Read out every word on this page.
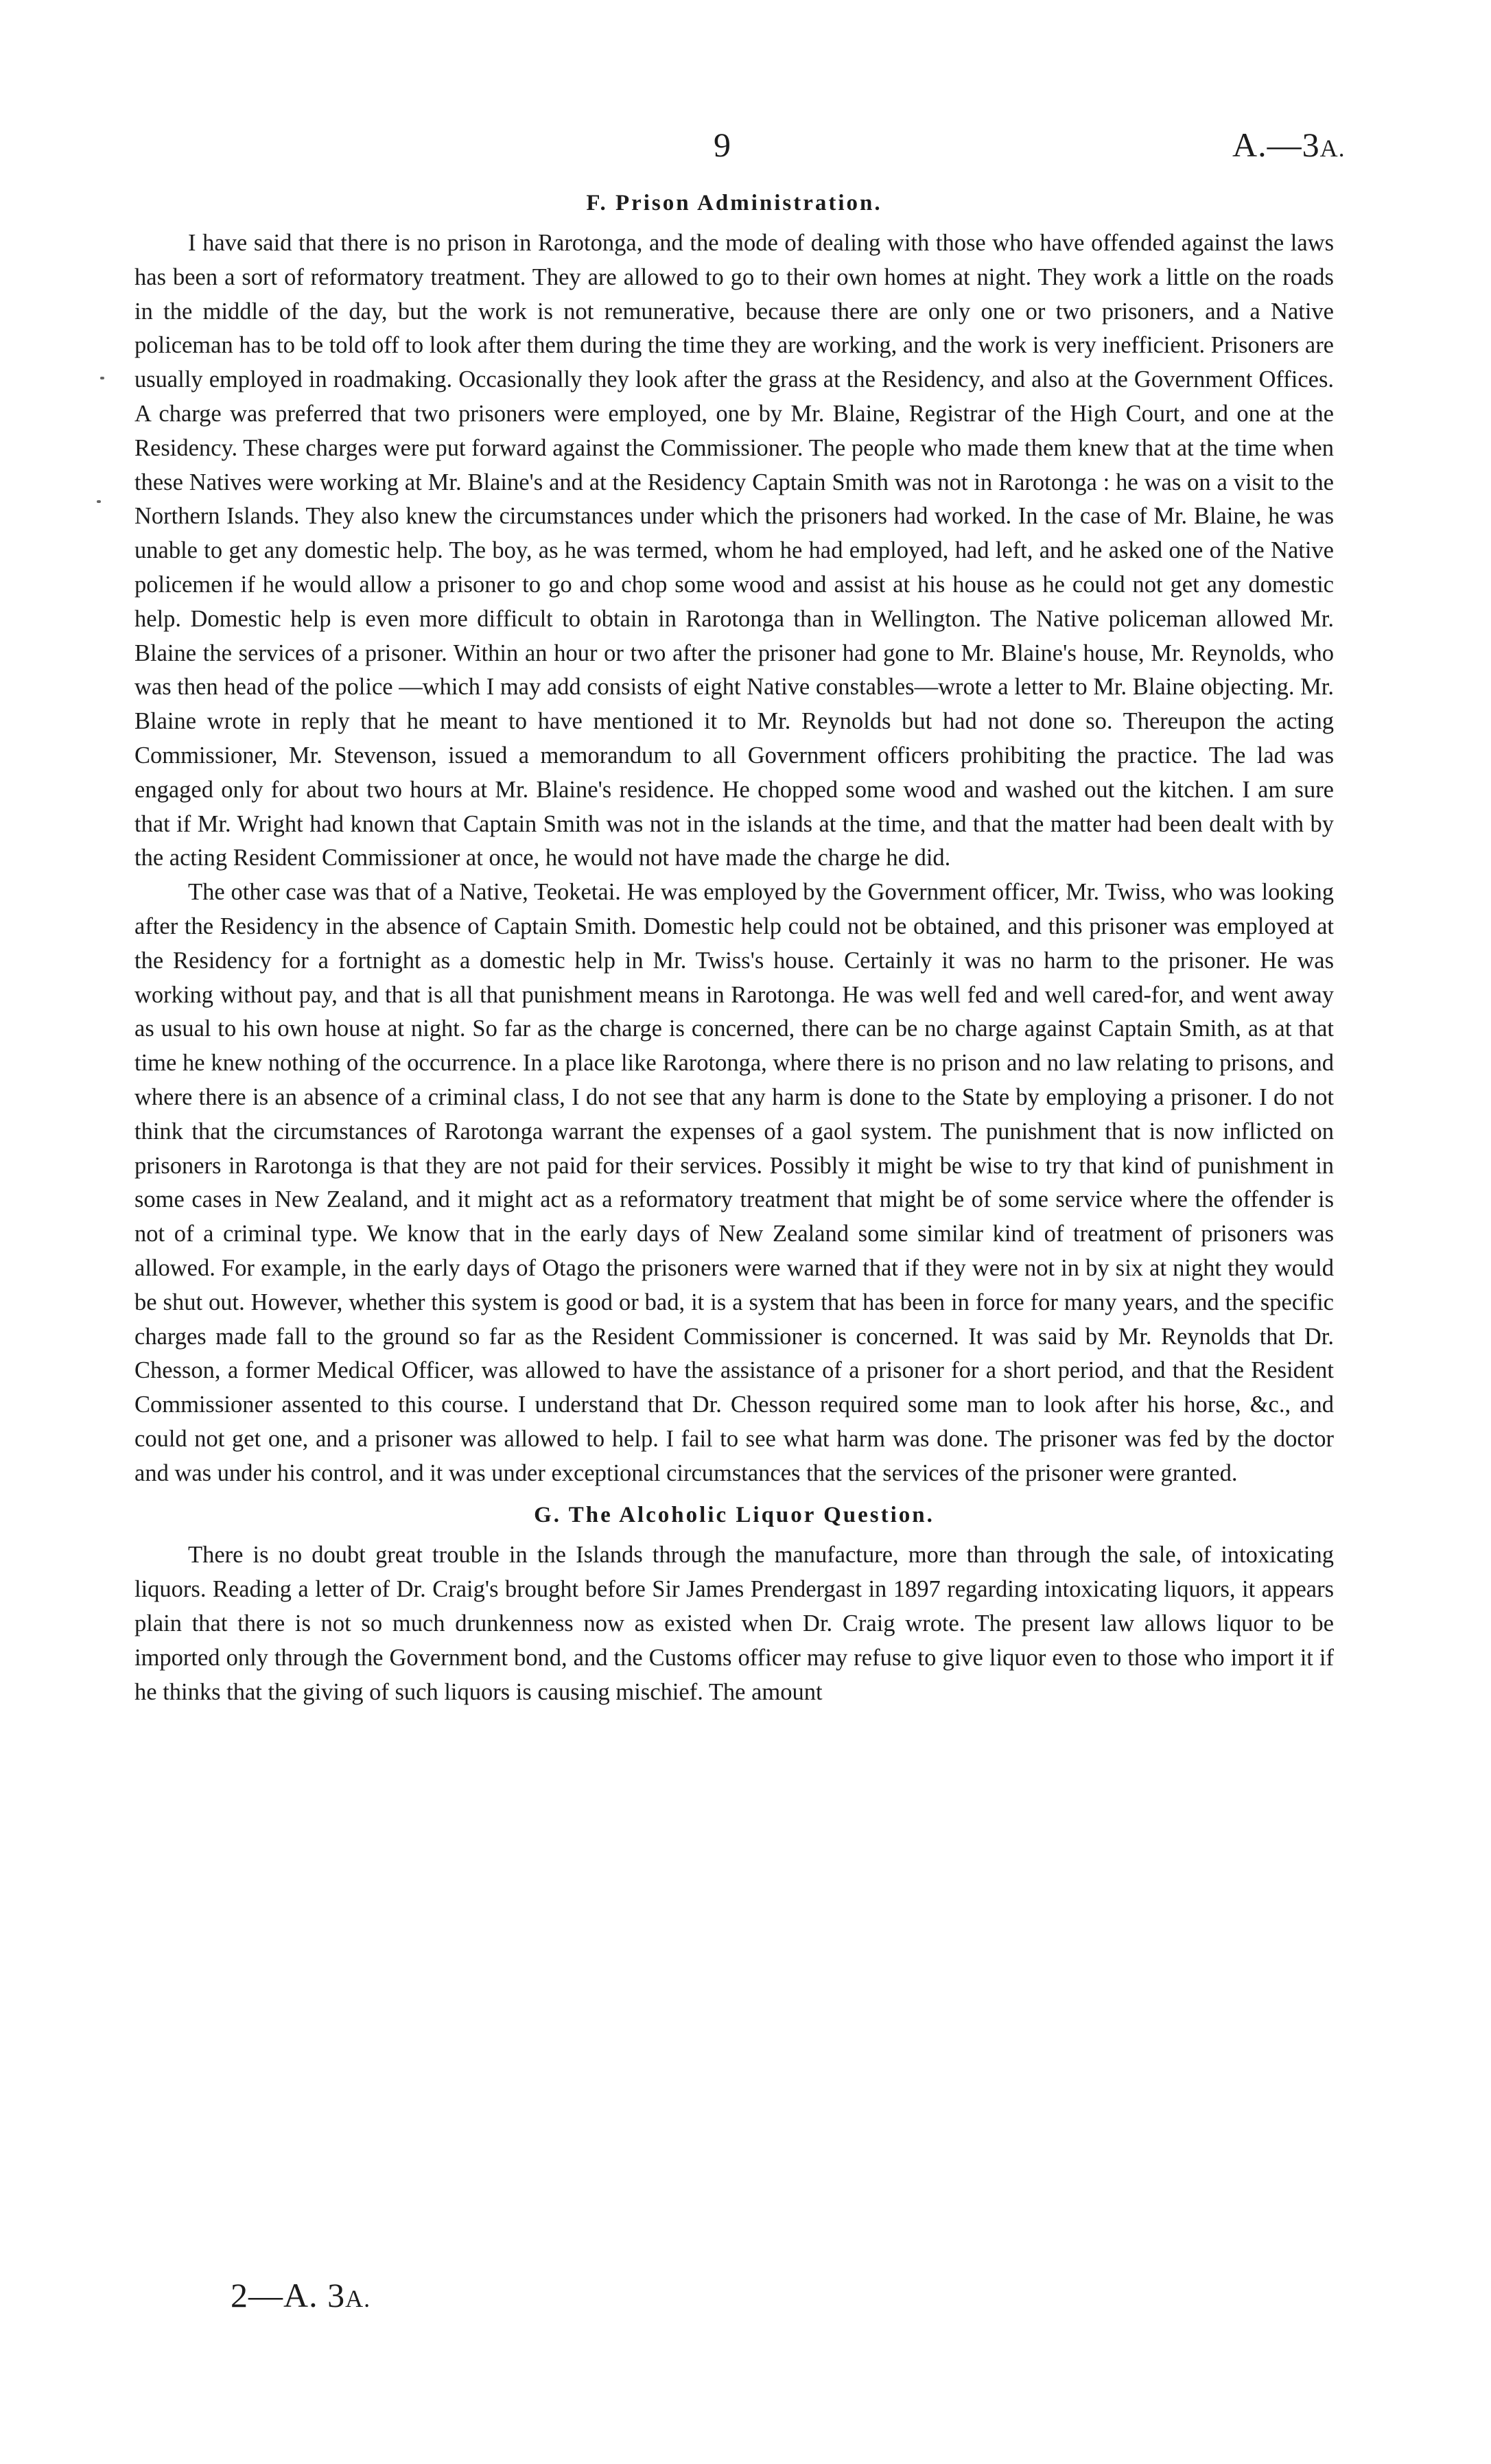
9	A.—3A.

F. Prison Administration.

I have said that there is no prison in Rarotonga, and the mode of dealing with those who have offended against the laws has been a sort of reformatory treatment. They are allowed to go to their own homes at night. They work a little on the roads in the middle of the day, but the work is not remunerative, because there are only one or two prisoners, and a Native policeman has to be told off to look after them during the time they are working, and the work is very inefficient. Prisoners are usually employed in roadmaking. Occasionally they look after the grass at the Residency, and also at the Government Offices. A charge was preferred that two prisoners were employed, one by Mr. Blaine, Registrar of the High Court, and one at the Residency. These charges were put forward against the Commissioner. The people who made them knew that at the time when these Natives were working at Mr. Blaine's and at the Residency Captain Smith was not in Rarotonga : he was on a visit to the Northern Islands. They also knew the circumstances under which the prisoners had worked. In the case of Mr. Blaine, he was unable to get any domestic help. The boy, as he was termed, whom he had employed, had left, and he asked one of the Native policemen if he would allow a prisoner to go and chop some wood and assist at his house as he could not get any domestic help. Domestic help is even more difficult to obtain in Rarotonga than in Wellington. The Native policeman allowed Mr. Blaine the services of a prisoner. Within an hour or two after the prisoner had gone to Mr. Blaine's house, Mr. Reynolds, who was then head of the police —which I may add consists of eight Native constables—wrote a letter to Mr. Blaine objecting. Mr. Blaine wrote in reply that he meant to have mentioned it to Mr. Reynolds but had not done so. Thereupon the acting Commissioner, Mr. Stevenson, issued a memorandum to all Government officers prohibiting the practice. The lad was engaged only for about two hours at Mr. Blaine's residence. He chopped some wood and washed out the kitchen. I am sure that if Mr. Wright had known that Captain Smith was not in the islands at the time, and that the matter had been dealt with by the acting Resident Commissioner at once, he would not have made the charge he did.

The other case was that of a Native, Teoketai. He was employed by the Government officer, Mr. Twiss, who was looking after the Residency in the absence of Captain Smith. Domestic help could not be obtained, and this prisoner was employed at the Residency for a fortnight as a domestic help in Mr. Twiss's house. Certainly it was no harm to the prisoner. He was working without pay, and that is all that punishment means in Rarotonga. He was well fed and well cared-for, and went away as usual to his own house at night. So far as the charge is concerned, there can be no charge against Captain Smith, as at that time he knew nothing of the occurrence. In a place like Rarotonga, where there is no prison and no law relating to prisons, and where there is an absence of a criminal class, I do not see that any harm is done to the State by employing a prisoner. I do not think that the circumstances of Rarotonga warrant the expenses of a gaol system. The punishment that is now inflicted on prisoners in Rarotonga is that they are not paid for their services. Possibly it might be wise to try that kind of punishment in some cases in New Zealand, and it might act as a reformatory treatment that might be of some service where the offender is not of a criminal type. We know that in the early days of New Zealand some similar kind of treatment of prisoners was allowed. For example, in the early days of Otago the prisoners were warned that if they were not in by six at night they would be shut out. However, whether this system is good or bad, it is a system that has been in force for many years, and the specific charges made fall to the ground so far as the Resident Commissioner is concerned. It was said by Mr. Reynolds that Dr. Chesson, a former Medical Officer, was allowed to have the assistance of a prisoner for a short period, and that the Resident Commissioner assented to this course. I understand that Dr. Chesson required some man to look after his horse, &c., and could not get one, and a prisoner was allowed to help. I fail to see what harm was done. The prisoner was fed by the doctor and was under his control, and it was under exceptional circumstances that the services of the prisoner were granted.

G. The Alcoholic Liquor Question.

There is no doubt great trouble in the Islands through the manufacture, more than through the sale, of intoxicating liquors. Reading a letter of Dr. Craig's brought before Sir James Prendergast in 1897 regarding intoxicating liquors, it appears plain that there is not so much drunkenness now as existed when Dr. Craig wrote. The present law allows liquor to be imported only through the Government bond, and the Customs officer may refuse to give liquor even to those who import it if he thinks that the giving of such liquors is causing mischief. The amount

2—A. 3A.
